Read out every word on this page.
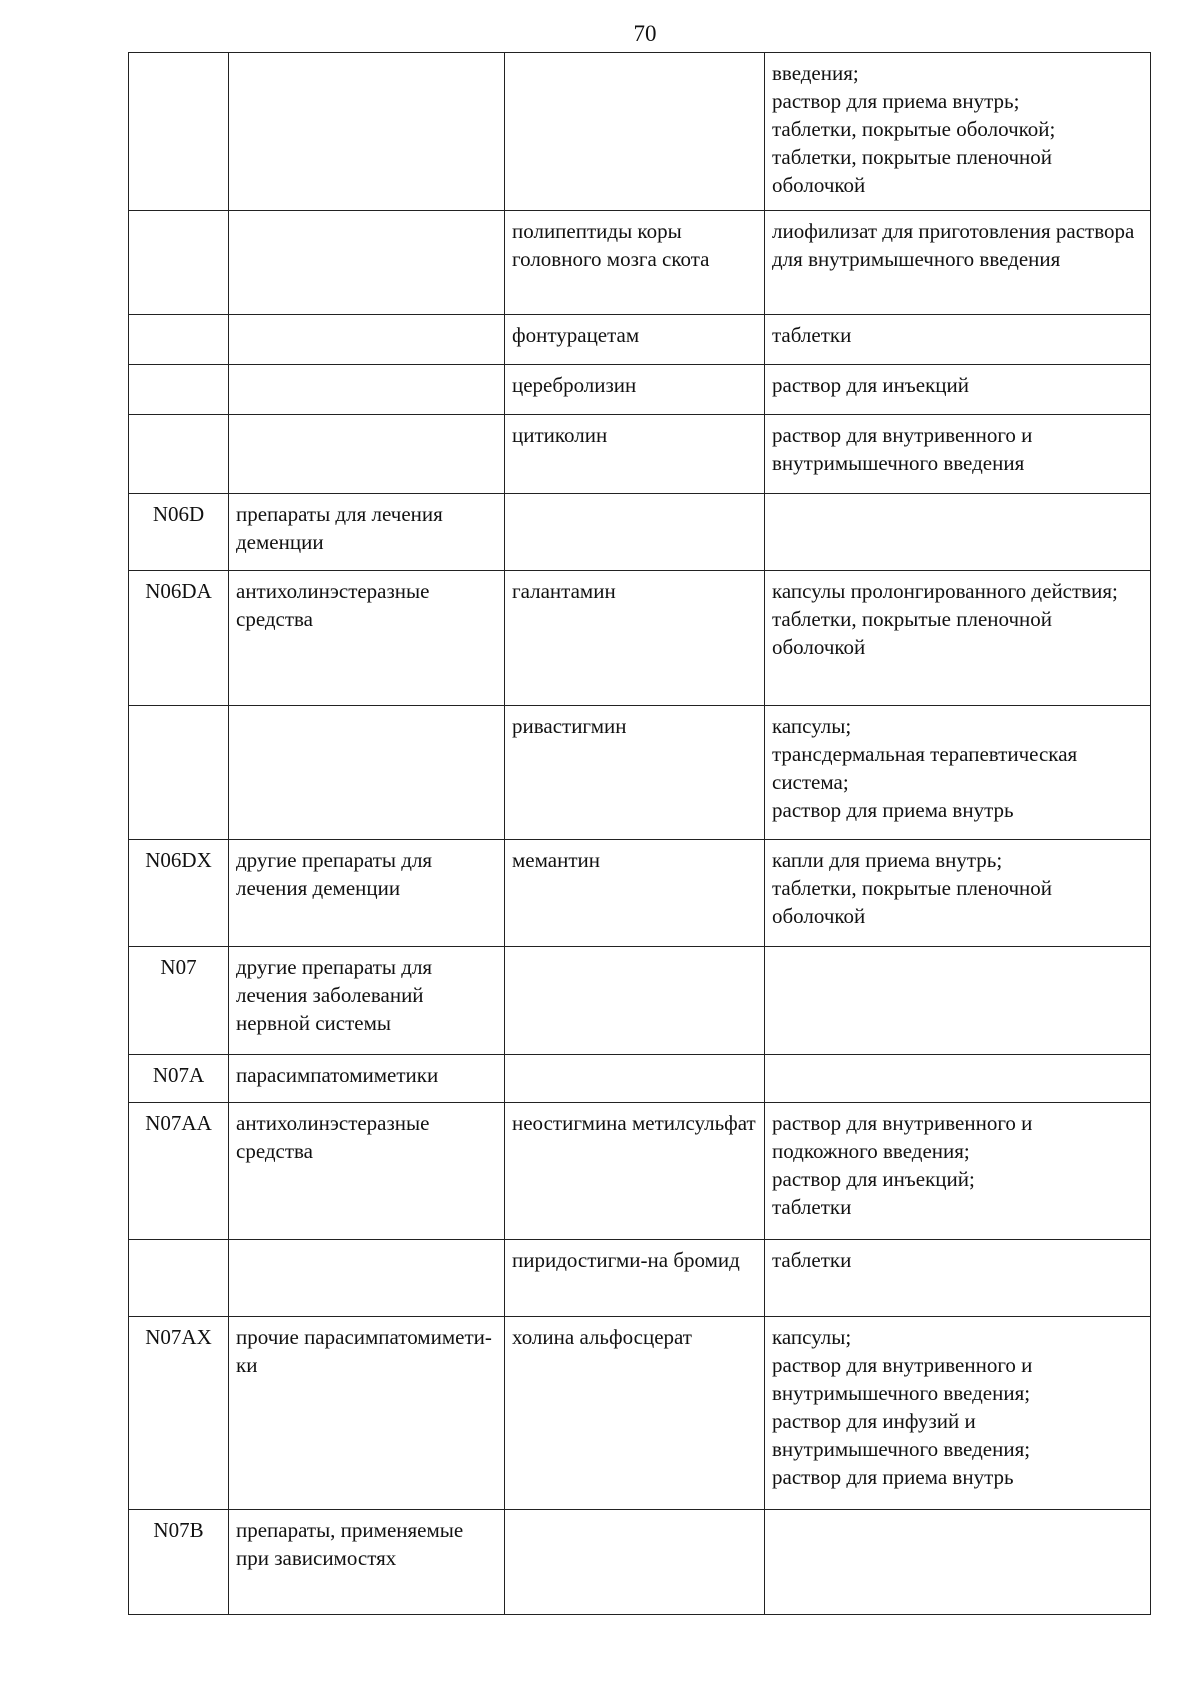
70

			введения;
раствор для приема внутрь;
таблетки, покрытые оболочкой;
таблетки, покрытые пленочной оболочкой

		полипептиды коры головного мозга скота	лиофилизат для приготовления раствора для внутримышечного введения

		фонтурацетам	таблетки

		церебролизин	раствор для инъекций

		цитиколин	раствор для внутривенного и внутримышечного введения

N06D	препараты для лечения деменции		
N06DA	антихолинэстеразные средства	галантамин	капсулы пролонгированного действия;
таблетки, покрытые пленочной оболочкой

		ривастигмин	капсулы;
трансдермальная терапевтическая система;
раствор для приема внутрь

N06DX	другие препараты для лечения деменции	мемантин	капли для приема внутрь;
таблетки, покрытые пленочной оболочкой

N07	другие препараты для лечения заболеваний нервной системы		
N07A	парасимпатомиметики		
N07AA	антихолинэстеразные средства	неостигмина метилсульфат	раствор для внутривенного и подкожного введения;
раствор для инъекций;
таблетки

		пиридостигми-на бромид	таблетки

N07AX	прочие парасимпатомимети-ки	холина альфосцерат	капсулы;
раствор для внутривенного и внутримышечного введения;
раствор для инфузий и внутримышечного введения;
раствор для приема внутрь

N07B	препараты, применяемые при зависимостях		
